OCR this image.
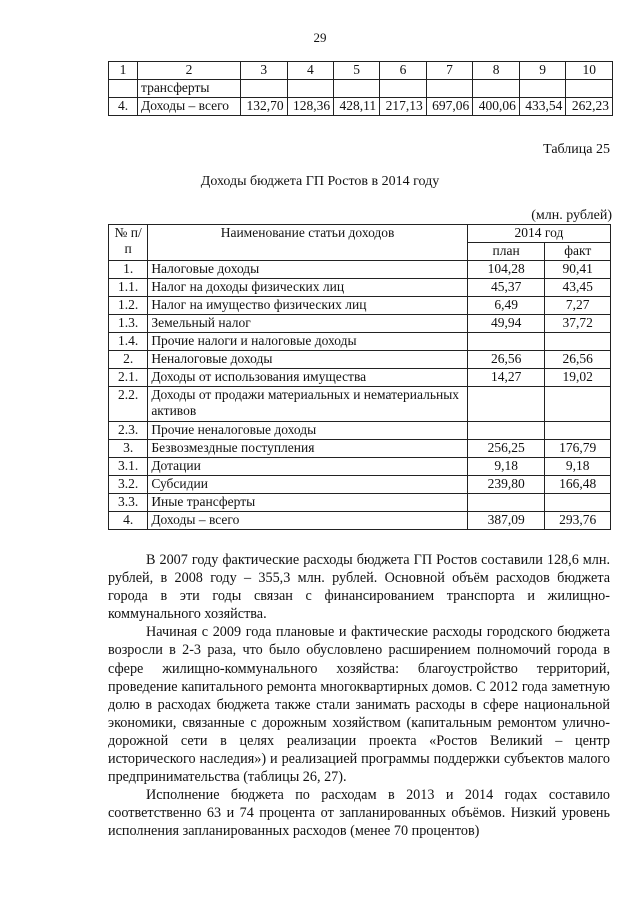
29
1	2	3	4	5	6	7	8	9	10
	трансферты								
4.	Доходы – всего	132,70	128,36	428,11	217,13	697,06	400,06	433,54	262,23
Таблица 25
Доходы бюджета ГП Ростов в 2014 году
(млн. рублей)
№ п/п	Наименование статьи доходов	2014 год	
		план	факт
1.	Налоговые доходы	104,28	90,41
1.1.	Налог на доходы физических лиц	45,37	43,45
1.2.	Налог на имущество физических лиц	6,49	7,27
1.3.	Земельный налог	49,94	37,72
1.4.	Прочие налоги и налоговые доходы		
2.	Неналоговые доходы	26,56	26,56
2.1.	Доходы от использования имущества	14,27	19,02
2.2.	Доходы от продажи материальных и нематериальных активов		
2.3.	Прочие неналоговые доходы		
3.	Безвозмездные поступления	256,25	176,79
3.1.	Дотации	9,18	9,18
3.2.	Субсидии	239,80	166,48
3.3.	Иные трансферты		
4.	Доходы – всего	387,09	293,76

В 2007 году фактические расходы бюджета ГП Ростов составили 128,6 млн. рублей, в 2008 году – 355,3 млн. рублей. Основной объём расходов бюджета города в эти годы связан с финансированием транспорта и жилищно-коммунального хозяйства.

Начиная с 2009 года плановые и фактические расходы городского бюджета возросли в 2-3 раза, что было обусловлено расширением полномочий города в сфере жилищно-коммунального хозяйства: благоустройство территорий, проведение капитального ремонта многоквартирных домов. С 2012 года заметную долю в расходах бюджета также стали занимать расходы в сфере национальной экономики, связанные с дорожным хозяйством (капитальным ремонтом улично-дорожной сети в целях реализации проекта «Ростов Великий – центр исторического наследия») и реализацией программы поддержки субъектов малого предпринимательства (таблицы 26, 27).

Исполнение бюджета по расходам в 2013 и 2014 годах составило соответственно 63 и 74 процента от запланированных объёмов. Низкий уровень исполнения запланированных расходов (менее 70 процентов)
